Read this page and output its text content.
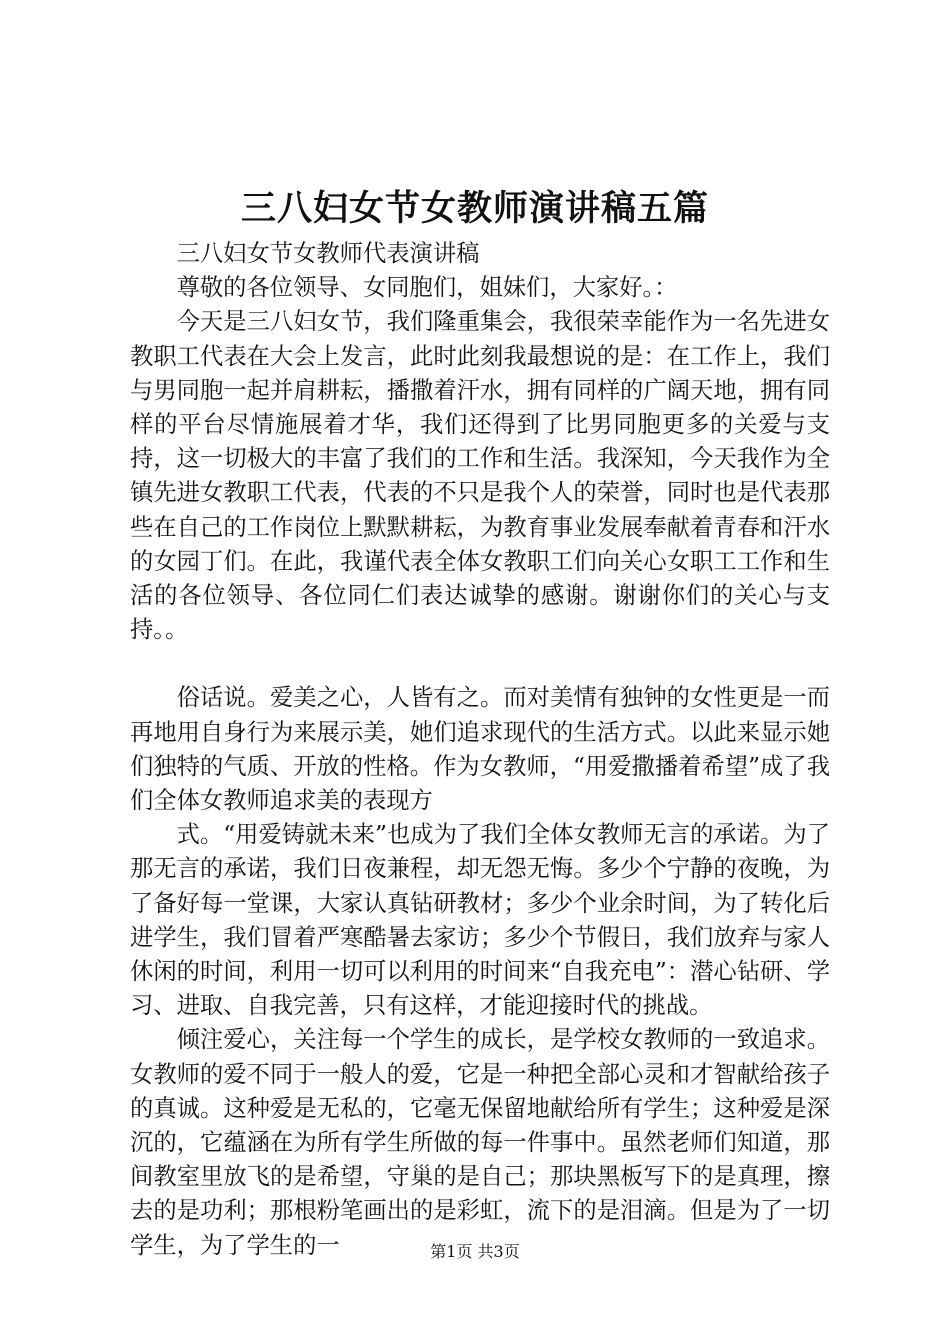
三八妇女节女教师演讲稿五篇

三八妇女节女教师代表演讲稿

尊敬的各位领导、女同胞们，姐妹们，大家好。：

今天是三八妇女节，我们隆重集会，我很荣幸能作为一名先进女教职工代表在大会上发言，此时此刻我最想说的是：在工作上，我们与男同胞一起并肩耕耘，播撒着汗水，拥有同样的广阔天地，拥有同样的平台尽情施展着才华，我们还得到了比男同胞更多的关爱与支持，这一切极大的丰富了我们的工作和生活。我深知，今天我作为全镇先进女教职工代表，代表的不只是我个人的荣誉，同时也是代表那些在自己的工作岗位上默默耕耘，为教育事业发展奉献着青春和汗水的女园丁们。在此，我谨代表全体女教职工们向关心女职工工作和生活的各位领导、各位同仁们表达诚挚的感谢。谢谢你们的关心与支持。。

俗话说。爱美之心，人皆有之。而对美情有独钟的女性更是一而再地用自身行为来展示美，她们追求现代的生活方式。以此来显示她们独特的气质、开放的性格。作为女教师，“用爱撒播着希望”成了我们全体女教师追求美的表现方

式。“用爱铸就未来”也成为了我们全体女教师无言的承诺。为了那无言的承诺，我们日夜兼程，却无怨无悔。多少个宁静的夜晚，为了备好每一堂课，大家认真钻研教材；多少个业余时间，为了转化后进学生，我们冒着严寒酷暑去家访；多少个节假日，我们放弃与家人休闲的时间，利用一切可以利用的时间来“自我充电”：潜心钻研、学习、进取、自我完善，只有这样，才能迎接时代的挑战。

倾注爱心，关注每一个学生的成长，是学校女教师的一致追求。女教师的爱不同于一般人的爱，它是一种把全部心灵和才智献给孩子的真诚。这种爱是无私的，它毫无保留地献给所有学生；这种爱是深沉的，它蕴涵在为所有学生所做的每一件事中。虽然老师们知道，那间教室里放飞的是希望，守巢的是自己；那块黑板写下的是真理，擦去的是功利；那根粉笔画出的是彩虹，流下的是泪滴。但是为了一切学生，为了学生的一	第1页 共3页
